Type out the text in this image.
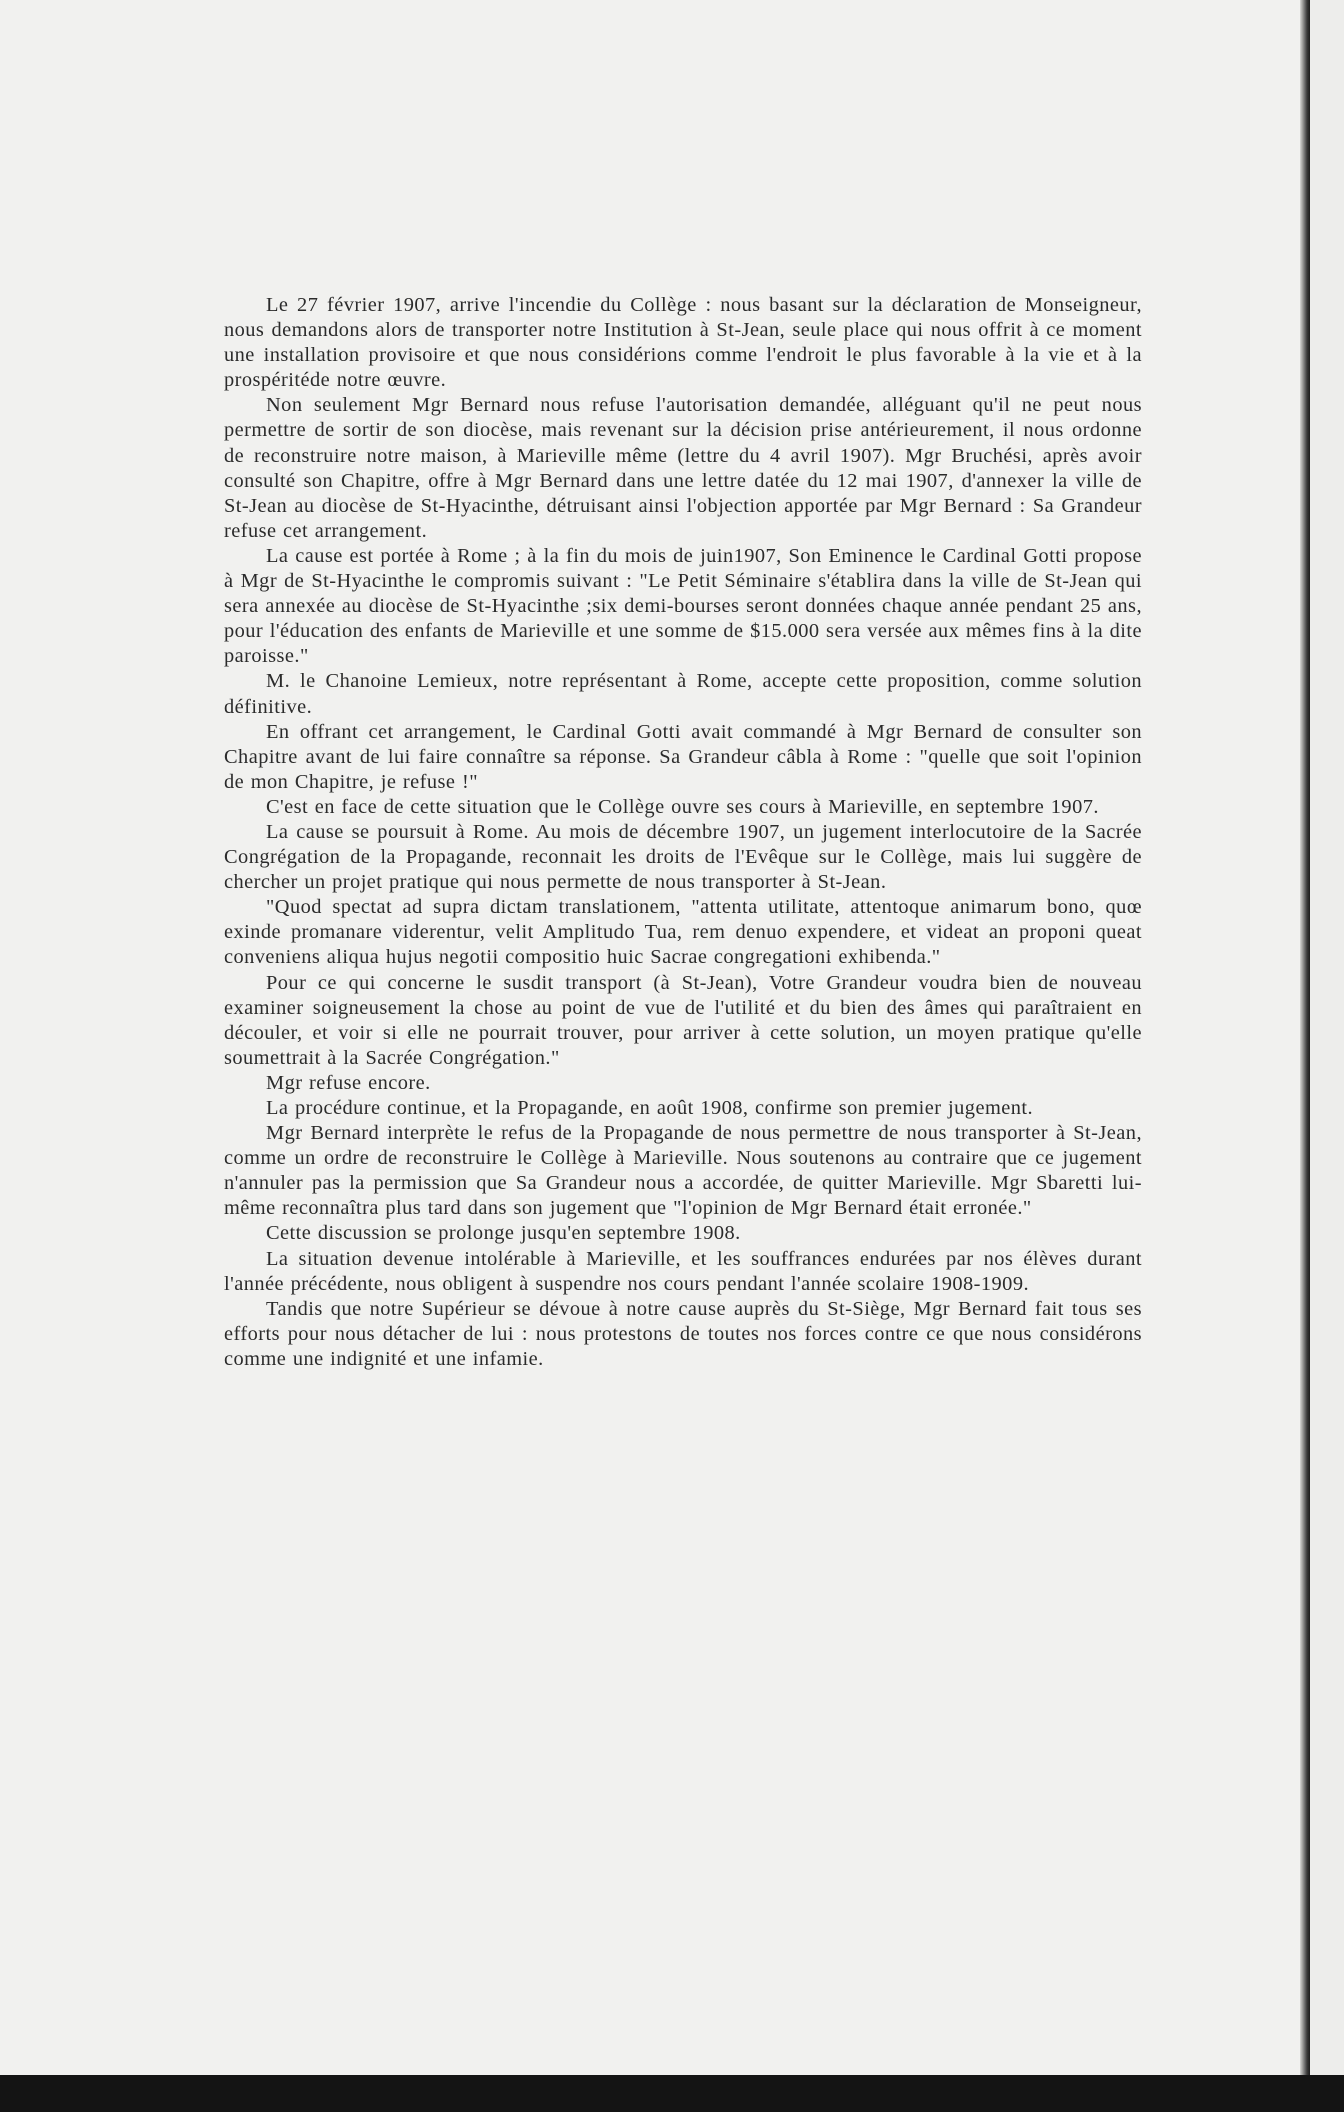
Le 27 février 1907, arrive l'incendie du Collège : nous basant sur la déclaration de Monseigneur, nous demandons alors de transporter notre Institution à St-Jean, seule place qui nous offrit à ce moment une installation provisoire et que nous considérions comme l'endroit le plus favorable à la vie et à la prospéritéde notre œuvre.

Non seulement Mgr Bernard nous refuse l'autorisation demandée, alléguant qu'il ne peut nous permettre de sortir de son diocèse, mais revenant sur la décision prise antérieurement, il nous ordonne de reconstruire notre maison, à Marieville même (lettre du 4 avril 1907). Mgr Bruchési, après avoir consulté son Chapitre, offre à Mgr Bernard dans une lettre datée du 12 mai 1907, d'annexer la ville de St-Jean au diocèse de St-Hyacinthe, détruisant ainsi l'objection apportée par Mgr Bernard : Sa Grandeur refuse cet arrangement.

La cause est portée à Rome ; à la fin du mois de juin1907, Son Eminence le Cardinal Gotti propose à Mgr de St-Hyacinthe le compromis suivant : "Le Petit Séminaire s'établira dans la ville de St-Jean qui sera annexée au diocèse de St-Hyacinthe ;six demi-bourses seront données chaque année pendant 25 ans, pour l'éducation des enfants de Marieville et une somme de $15.000 sera versée aux mêmes fins à la dite paroisse."

M. le Chanoine Lemieux, notre représentant à Rome, accepte cette proposition, comme solution définitive.

En offrant cet arrangement, le Cardinal Gotti avait commandé à Mgr Bernard de consulter son Chapitre avant de lui faire connaître sa réponse. Sa Grandeur câbla à Rome : "quelle que soit l'opinion de mon Chapitre, je refuse !"

C'est en face de cette situation que le Collège ouvre ses cours à Marieville, en septembre 1907.

La cause se poursuit à Rome. Au mois de décembre 1907, un jugement interlocutoire de la Sacrée Congrégation de la Propagande, reconnait les droits de l'Evêque sur le Collège, mais lui suggère de chercher un projet pratique qui nous permette de nous transporter à St-Jean.

"Quod spectat ad supra dictam translationem, "attenta utilitate, attentoque animarum bono, quœ exinde promanare viderentur, velit Amplitudo Tua, rem denuo expendere, et videat an proponi queat conveniens aliqua hujus negotii compositio huic Sacrae congregationi exhibenda."

Pour ce qui concerne le susdit transport (à St-Jean), Votre Grandeur voudra bien de nouveau examiner soigneusement la chose au point de vue de l'utilité et du bien des âmes qui paraîtraient en découler, et voir si elle ne pourrait trouver, pour arriver à cette solution, un moyen pratique qu'elle soumettrait à la Sacrée Congrégation."

Mgr refuse encore.

La procédure continue, et la Propagande, en août 1908, confirme son premier jugement.

Mgr Bernard interprète le refus de la Propagande de nous permettre de nous transporter à St-Jean, comme un ordre de reconstruire le Collège à Marieville. Nous soutenons au contraire que ce jugement n'annuler pas la permission que Sa Grandeur nous a accordée, de quitter Marieville. Mgr Sbaretti lui-même reconnaîtra plus tard dans son jugement que "l'opinion de Mgr Bernard était erronée."

Cette discussion se prolonge jusqu'en septembre 1908.

La situation devenue intolérable à Marieville, et les souffrances endurées par nos élèves durant l'année précédente, nous obligent à suspendre nos cours pendant l'année scolaire 1908-1909.

Tandis que notre Supérieur se dévoue à notre cause auprès du St-Siège, Mgr Bernard fait tous ses efforts pour nous détacher de lui : nous protestons de toutes nos forces contre ce que nous considérons comme une indignité et une infamie.
